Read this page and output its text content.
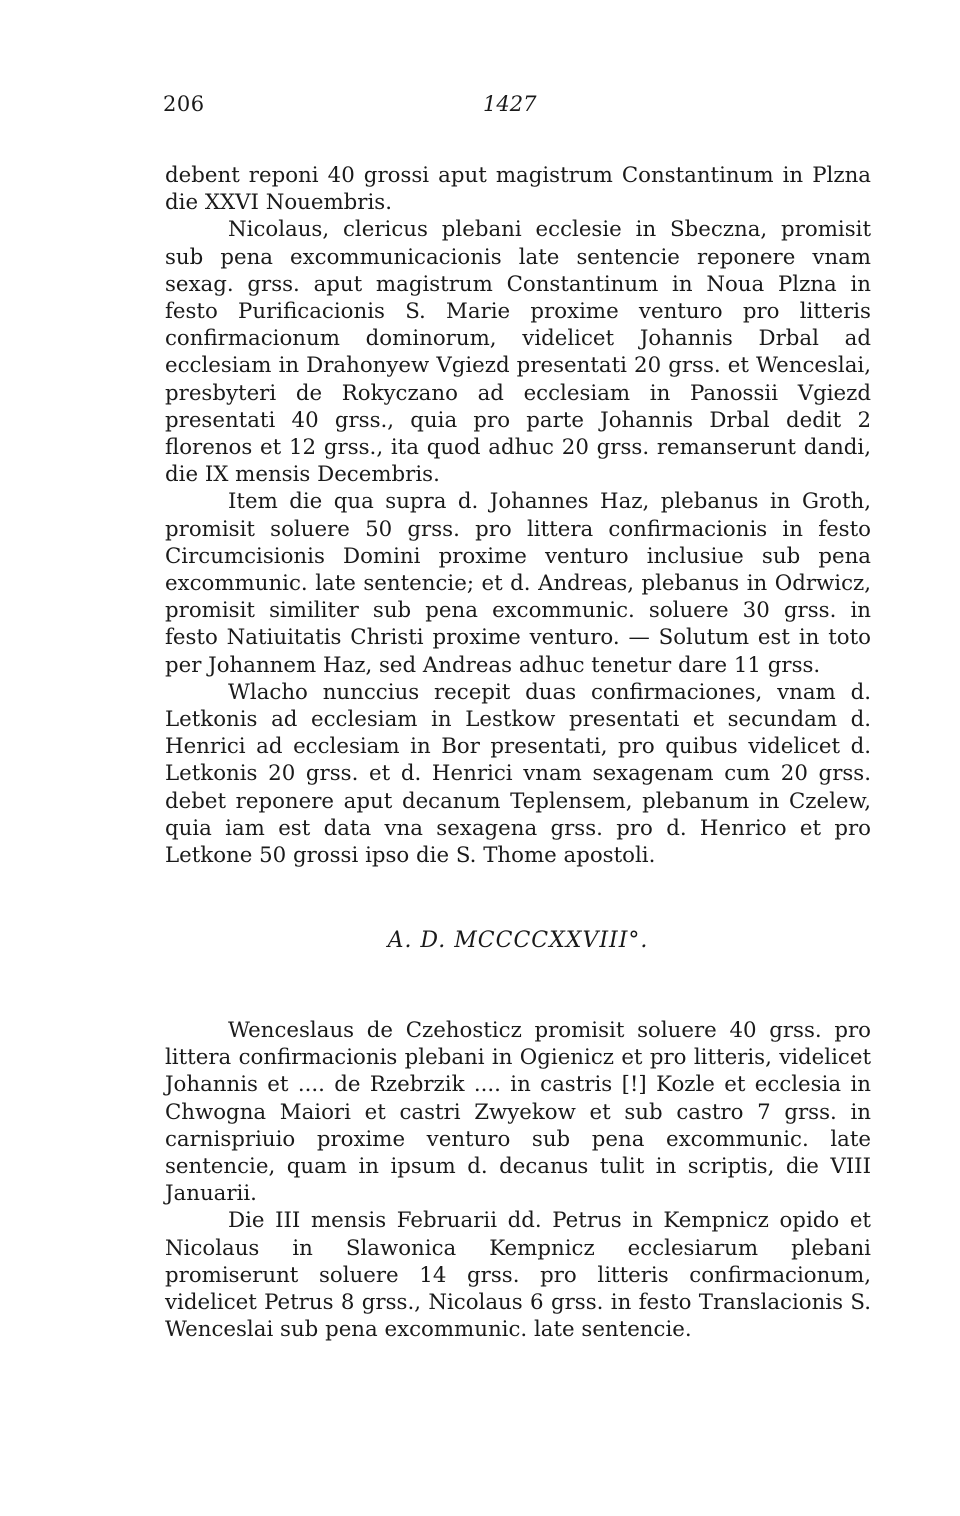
206	1427

debent reponi 40 grossi aput magistrum Constantinum in Plzna die XXVI Nouembris.

Nicolaus, clericus plebani ecclesie in Sbeczna, promisit sub pena excommunicacionis late sentencie reponere vnam sexag. grss. aput magistrum Constantinum in Noua Plzna in festo Purificacionis S. Marie proxime venturo pro litteris confirmacionum dominorum, videlicet Johannis Drbal ad ecclesiam in Drahonyew Vgiezd presentati 20 grss. et Wenceslai, presbyteri de Rokyczano ad ecclesiam in Panossii Vgiezd presentati 40 grss., quia pro parte Johannis Drbal dedit 2 florenos et 12 grss., ita quod adhuc 20 grss. remanserunt dandi, die IX mensis Decembris.

Item die qua supra d. Johannes Haz, plebanus in Groth, promisit soluere 50 grss. pro littera confirmacionis in festo Circumcisionis Domini proxime venturo inclusiue sub pena excommunic. late sentencie; et d. Andreas, plebanus in Odrwicz, promisit similiter sub pena excommunic. soluere 30 grss. in festo Natiuitatis Christi proxime venturo. — Solutum est in toto per Johannem Haz, sed Andreas adhuc tenetur dare 11 grss.

Wlacho nunccius recepit duas confirmaciones, vnam d. Letkonis ad ecclesiam in Lestkow presentati et secundam d. Henrici ad ecclesiam in Bor presentati, pro quibus videlicet d. Letkonis 20 grss. et d. Henrici vnam sexagenam cum 20 grss. debet reponere aput decanum Teplensem, plebanum in Czelew, quia iam est data vna sexagena grss. pro d. Henrico et pro Letkone 50 grossi ipso die S. Thome apostoli.

A. D. MCCCCXXVIII°.

Wenceslaus de Czehosticz promisit soluere 40 grss. pro littera confirmacionis plebani in Ogienicz et pro litteris, videlicet Johannis et .... de Rzebrzik .... in castris [!] Kozle et ecclesia in Chwogna Maiori et castri Zwyekow et sub castro 7 grss. in carnispriuio proxime venturo sub pena excommunic. late sentencie, quam in ipsum d. decanus tulit in scriptis, die VIII Januarii.

Die III mensis Februarii dd. Petrus in Kempnicz opido et Nicolaus in Slawonica Kempnicz ecclesiarum plebani promiserunt soluere 14 grss. pro litteris confirmacionum, videlicet Petrus 8 grss., Nicolaus 6 grss. in festo Translacionis S. Wenceslai sub pena excommunic. late sentencie.
